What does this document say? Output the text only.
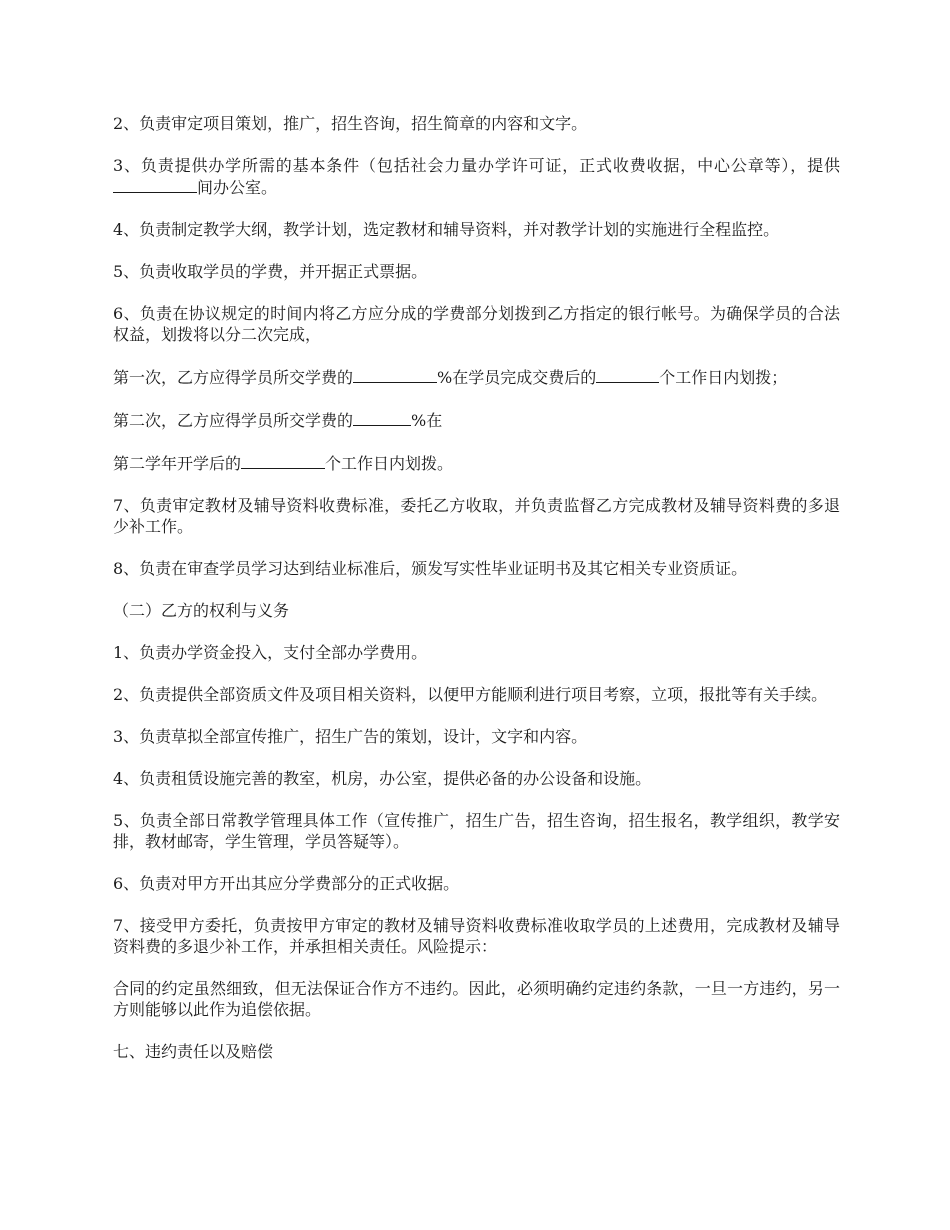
2、负责审定项目策划，推广，招生咨询，招生简章的内容和文字。

3、负责提供办学所需的基本条件（包括社会力量办学许可证，正式收费收据，中心公章等），提供间办公室。

4、负责制定教学大纲，教学计划，选定教材和辅导资料，并对教学计划的实施进行全程监控。

5、负责收取学员的学费，并开据正式票据。

6、负责在协议规定的时间内将乙方应分成的学费部分划拨到乙方指定的银行帐号。为确保学员的合法权益，划拨将以分二次完成，

第一次，乙方应得学员所交学费的	%在学员完成交费后的	个工作日内划拨；

第二次，乙方应得学员所交学费的	%在

第二学年开学后的	个工作日内划拨。

7、负责审定教材及辅导资料收费标准，委托乙方收取，并负责监督乙方完成教材及辅导资料费的多退少补工作。

8、负责在审查学员学习达到结业标准后，颁发写实性毕业证明书及其它相关专业资质证。

（二）乙方的权利与义务

1、负责办学资金投入，支付全部办学费用。

2、负责提供全部资质文件及项目相关资料，以便甲方能顺利进行项目考察，立项，报批等有关手续。

3、负责草拟全部宣传推广，招生广告的策划，设计，文字和内容。

4、负责租赁设施完善的教室，机房，办公室，提供必备的办公设备和设施。

5、负责全部日常教学管理具体工作（宣传推广，招生广告，招生咨询，招生报名，教学组织，教学安排，教材邮寄，学生管理，学员答疑等）。

6、负责对甲方开出其应分学费部分的正式收据。

7、接受甲方委托，负责按甲方审定的教材及辅导资料收费标准收取学员的上述费用，完成教材及辅导资料费的多退少补工作，并承担相关责任。风险提示：

合同的约定虽然细致，但无法保证合作方不违约。因此，必须明确约定违约条款，一旦一方违约，另一方则能够以此作为追偿依据。

七、违约责任以及赔偿
